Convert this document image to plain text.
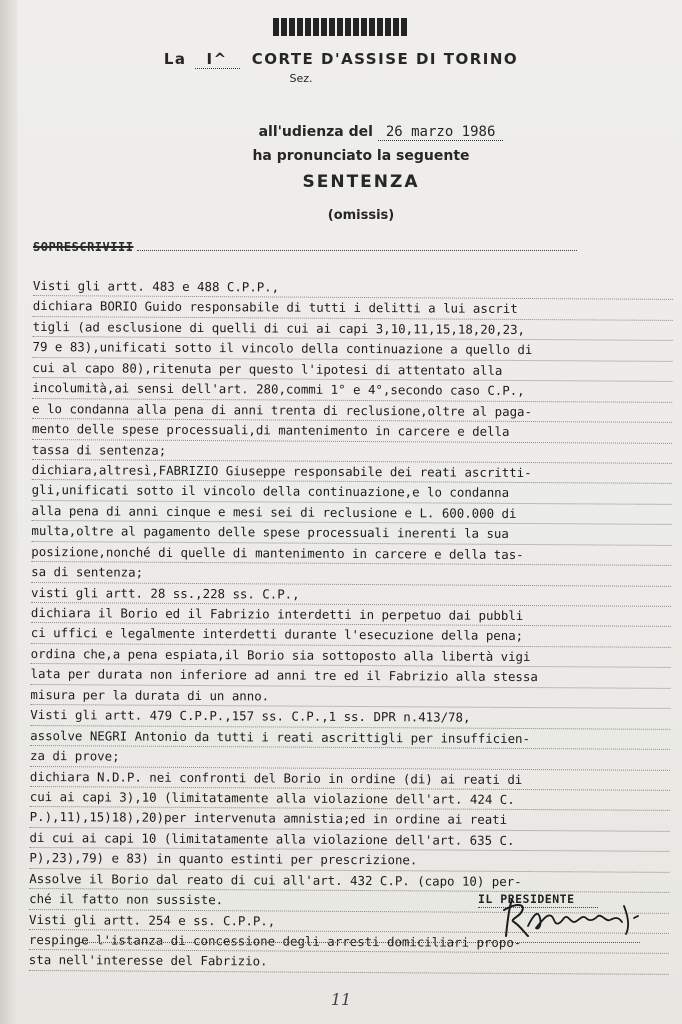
La I^ CORTE D'ASSISE DI TORINO
Sez.
all'udienza del 26 marzo 1986
ha pronunciato la seguente
SENTENZA
(omissis)
SOPRESCRIVIII
Visti gli artt. 483 e 488 C.P.P.,
dichiara BORIO Guido responsabile di tutti i delitti a lui ascrit
tigli (ad esclusione di quelli di cui ai capi 3,10,11,15,18,20,23,
79 e 83),unificati sotto il vincolo della continuazione a quello di
cui al capo 80),ritenuta per questo l'ipotesi di attentato alla
incolumità,ai sensi dell'art. 280,commi 1° e 4°,secondo caso C.P.,
e lo condanna alla pena di anni trenta di reclusione,oltre al paga-
mento delle spese processuali,di mantenimento in carcere e della
tassa di sentenza;
dichiara,altresì,FABRIZIO Giuseppe responsabile dei reati ascritti-
gli,unificati sotto il vincolo della continuazione,e lo condanna
alla pena di anni cinque e mesi sei di reclusione e L. 600.000 di
multa,oltre al pagamento delle spese processuali inerenti la sua
posizione,nonché di quelle di mantenimento in carcere e della tas-
sa di sentenza;
visti gli artt. 28 ss.,228 ss. C.P.,
dichiara il Borio ed il Fabrizio interdetti in perpetuo dai pubbli
ci uffici e legalmente interdetti durante l'esecuzione della pena;
ordina che,a pena espiata,il Borio sia sottoposto alla libertà vigi
lata per durata non inferiore ad anni tre ed il Fabrizio alla stessa
misura per la durata di un anno.
Visti gli artt. 479 C.P.P.,157 ss. C.P.,1 ss. DPR n.413/78,
assolve NEGRI Antonio da tutti i reati ascrittigli per insufficien-
za di prove;
dichiara N.D.P. nei confronti del Borio in ordine (di) ai reati di
cui ai capi 3),10 (limitatamente alla violazione dell'art. 424 C.
P.),11),15)18),20)per intervenuta amnistia;ed in ordine ai reati
di cui ai capi 10 (limitatamente alla violazione dell'art. 635 C.
P),23),79) e 83) in quanto estinti per prescrizione.
Assolve il Borio dal reato di cui all'art. 432 C.P. (capo 10) per-
ché il fatto non sussiste.
Visti gli artt. 254 e ss. C.P.P.,
respinge l'istanza di concessione degli arresti domiciliari propo-
sta nell'interesse del Fabrizio.
IL PRESIDENTE
11
